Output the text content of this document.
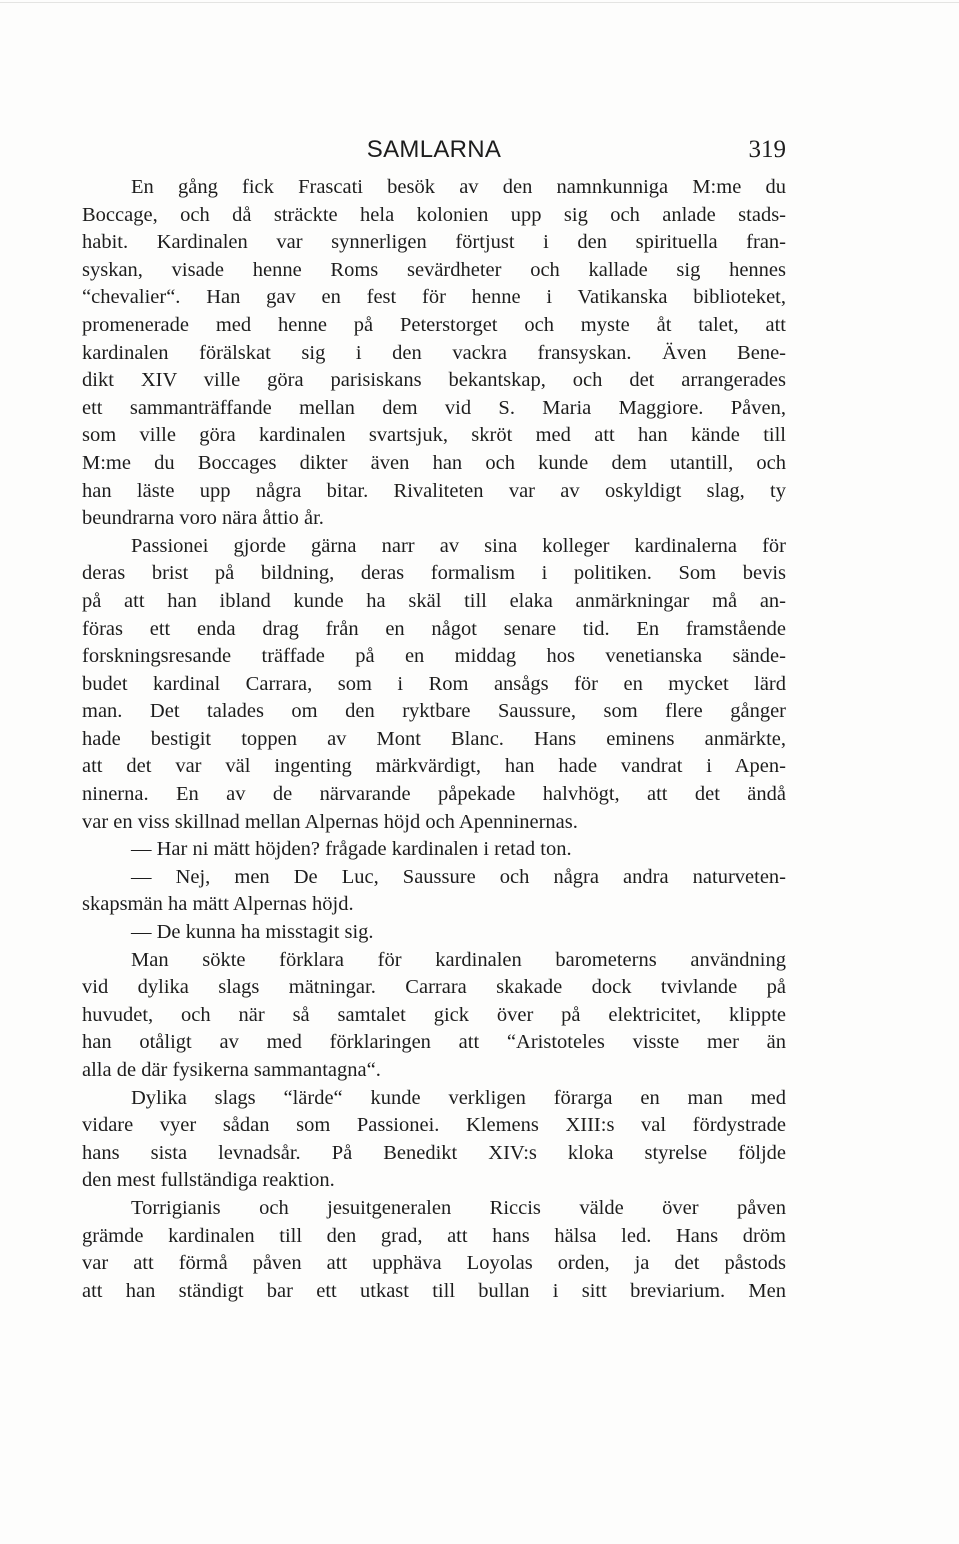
SAMLARNA	319
En gång fick Frascati besök av den namnkunniga M:me du
Boccage, och då sträckte hela kolonien upp sig och anlade stads-
habit. Kardinalen var synnerligen förtjust i den spirituella fran-
syskan, visade henne Roms sevärdheter och kallade sig hennes
“chevalier“. Han gav en fest för henne i Vatikanska biblioteket,
promenerade med henne på Peterstorget och myste åt talet, att
kardinalen förälskat sig i den vackra fransyskan. Även Bene-
dikt XIV ville göra parisiskans bekantskap, och det arrangerades
ett sammanträffande mellan dem vid S. Maria Maggiore. Påven,
som ville göra kardinalen svartsjuk, skröt med att han kände till
M:me du Boccages dikter även han och kunde dem utantill, och
han läste upp några bitar. Rivaliteten var av oskyldigt slag, ty
beundrarna voro nära åttio år.
Passionei gjorde gärna narr av sina kolleger kardinalerna för
deras brist på bildning, deras formalism i politiken. Som bevis
på att han ibland kunde ha skäl till elaka anmärkningar må an-
föras ett enda drag från en något senare tid. En framstående
forskningsresande träffade på en middag hos venetianska sände-
budet kardinal Carrara, som i Rom ansågs för en mycket lärd
man. Det talades om den ryktbare Saussure, som flere gånger
hade bestigit toppen av Mont Blanc. Hans eminens anmärkte,
att det var väl ingenting märkvärdigt, han hade vandrat i Apen-
ninerna. En av de närvarande påpekade halvhögt, att det ändå
var en viss skillnad mellan Alpernas höjd och Apenninernas.
— Har ni mätt höjden? frågade kardinalen i retad ton.
— Nej, men De Luc, Saussure och några andra naturveten-
skapsmän ha mätt Alpernas höjd.
— De kunna ha misstagit sig.
Man sökte förklara för kardinalen barometerns användning
vid dylika slags mätningar. Carrara skakade dock tvivlande på
huvudet, och när så samtalet gick över på elektricitet, klippte
han otåligt av med förklaringen att “Aristoteles visste mer än
alla de där fysikerna sammantagna“.
Dylika slags “lärde“ kunde verkligen förarga en man med
vidare vyer sådan som Passionei. Klemens XIII:s val fördystrade
hans sista levnadsår. På Benedikt XIV:s kloka styrelse följde
den mest fullständiga reaktion.
Torrigianis och jesuitgeneralen Riccis välde över påven
grämde kardinalen till den grad, att hans hälsa led. Hans dröm
var att förmå påven att upphäva Loyolas orden, ja det påstods
att han ständigt bar ett utkast till bullan i sitt breviarium. Men
